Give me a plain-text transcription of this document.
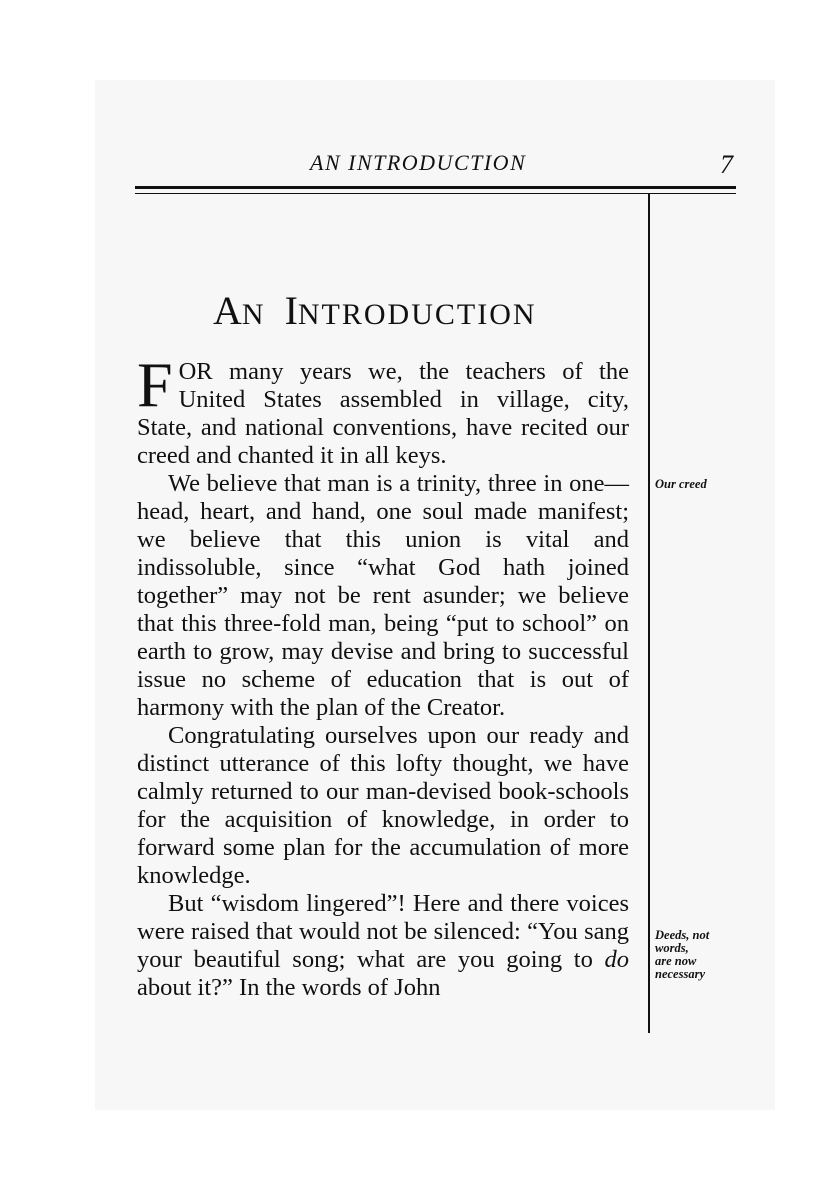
AN INTRODUCTION	7
AN INTRODUCTION

FOR many years we, the teachers of the United States assembled in village, city, State, and national conventions, have recited our creed and chanted it in all keys.

We believe that man is a trinity, three in one—head, heart, and hand, one soul made manifest; we believe that this union is vital and indissoluble, since “what God hath joined together” may not be rent asunder; we believe that this three-fold man, being “put to school” on earth to grow, may devise and bring to successful issue no scheme of education that is out of harmony with the plan of the Creator.

Congratulating ourselves upon our ready and distinct utterance of this lofty thought, we have calmly returned to our man-devised book-schools for the acquisition of knowledge, in order to forward some plan for the accumulation of more knowledge.

But “wisdom lingered”! Here and there voices were raised that would not be silenced: “You sang your beautiful song; what are you going to do about it?” In the words of John

Our creed
Deeds, not
words,
are now
necessary
